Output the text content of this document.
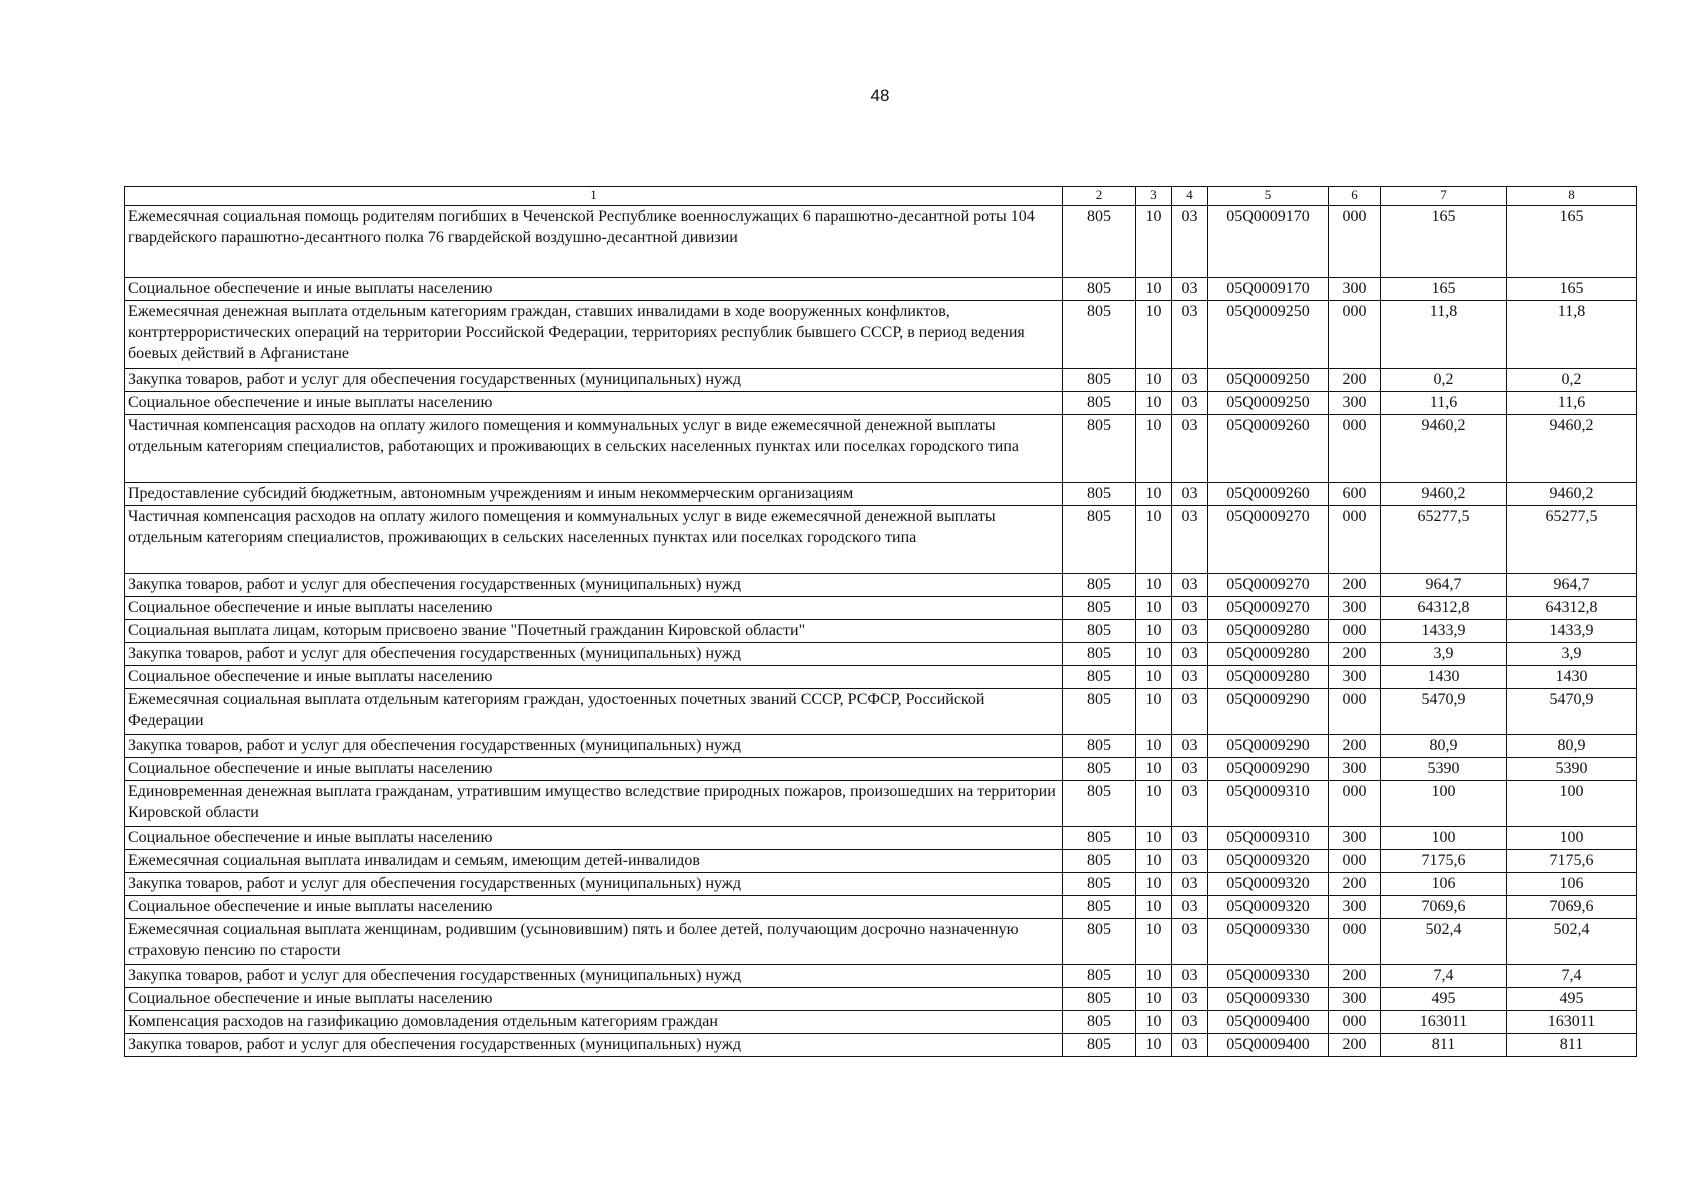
48
1	2	3	4	5	6	7	8
Ежемесячная социальная помощь родителям погибших в Чеченской Республике военнослужащих 6 парашютно-десантной роты 104 гвардейского парашютно-десантного полка 76 гвардейской воздушно-десантной дивизии	805	10	03	05Q0009170	000	165	165
Социальное обеспечение и иные выплаты населению	805	10	03	05Q0009170	300	165	165
Ежемесячная денежная выплата отдельным категориям граждан, ставших инвалидами в ходе вооруженных конфликтов, контртеррористических операций на территории Российской Федерации, территориях республик бывшего СССР, в период ведения боевых действий в Афганистане	805	10	03	05Q0009250	000	11,8	11,8
Закупка товаров, работ и услуг для обеспечения государственных (муниципальных) нужд	805	10	03	05Q0009250	200	0,2	0,2
Социальное обеспечение и иные выплаты населению	805	10	03	05Q0009250	300	11,6	11,6
Частичная компенсация расходов на оплату жилого помещения и коммунальных услуг в виде ежемесячной денежной выплаты отдельным категориям специалистов, работающих и проживающих в сельских населенных пунктах или поселках городского типа	805	10	03	05Q0009260	000	9460,2	9460,2
Предоставление субсидий бюджетным, автономным учреждениям и иным некоммерческим организациям	805	10	03	05Q0009260	600	9460,2	9460,2
Частичная компенсация расходов на оплату жилого помещения и коммунальных услуг в виде ежемесячной денежной выплаты отдельным категориям специалистов, проживающих в сельских населенных пунктах или поселках городского типа	805	10	03	05Q0009270	000	65277,5	65277,5
Закупка товаров, работ и услуг для обеспечения государственных (муниципальных) нужд	805	10	03	05Q0009270	200	964,7	964,7
Социальное обеспечение и иные выплаты населению	805	10	03	05Q0009270	300	64312,8	64312,8
Социальная выплата лицам, которым присвоено звание "Почетный гражданин Кировской области"	805	10	03	05Q0009280	000	1433,9	1433,9
Закупка товаров, работ и услуг для обеспечения государственных (муниципальных) нужд	805	10	03	05Q0009280	200	3,9	3,9
Социальное обеспечение и иные выплаты населению	805	10	03	05Q0009280	300	1430	1430
Ежемесячная социальная выплата отдельным категориям граждан, удостоенных почетных званий СССР, РСФСР, Российской Федерации	805	10	03	05Q0009290	000	5470,9	5470,9
Закупка товаров, работ и услуг для обеспечения государственных (муниципальных) нужд	805	10	03	05Q0009290	200	80,9	80,9
Социальное обеспечение и иные выплаты населению	805	10	03	05Q0009290	300	5390	5390
Единовременная денежная выплата гражданам, утратившим имущество вследствие природных пожаров, произошедших на территории Кировской области	805	10	03	05Q0009310	000	100	100
Социальное обеспечение и иные выплаты населению	805	10	03	05Q0009310	300	100	100
Ежемесячная социальная выплата инвалидам и семьям, имеющим детей-инвалидов	805	10	03	05Q0009320	000	7175,6	7175,6
Закупка товаров, работ и услуг для обеспечения государственных (муниципальных) нужд	805	10	03	05Q0009320	200	106	106
Социальное обеспечение и иные выплаты населению	805	10	03	05Q0009320	300	7069,6	7069,6
Ежемесячная социальная выплата женщинам, родившим (усыновившим) пять и более детей, получающим досрочно назначенную страховую пенсию по старости	805	10	03	05Q0009330	000	502,4	502,4
Закупка товаров, работ и услуг для обеспечения государственных (муниципальных) нужд	805	10	03	05Q0009330	200	7,4	7,4
Социальное обеспечение и иные выплаты населению	805	10	03	05Q0009330	300	495	495
Компенсация расходов на газификацию домовладения отдельным категориям граждан	805	10	03	05Q0009400	000	163011	163011
Закупка товаров, работ и услуг для обеспечения государственных (муниципальных) нужд	805	10	03	05Q0009400	200	811	811
